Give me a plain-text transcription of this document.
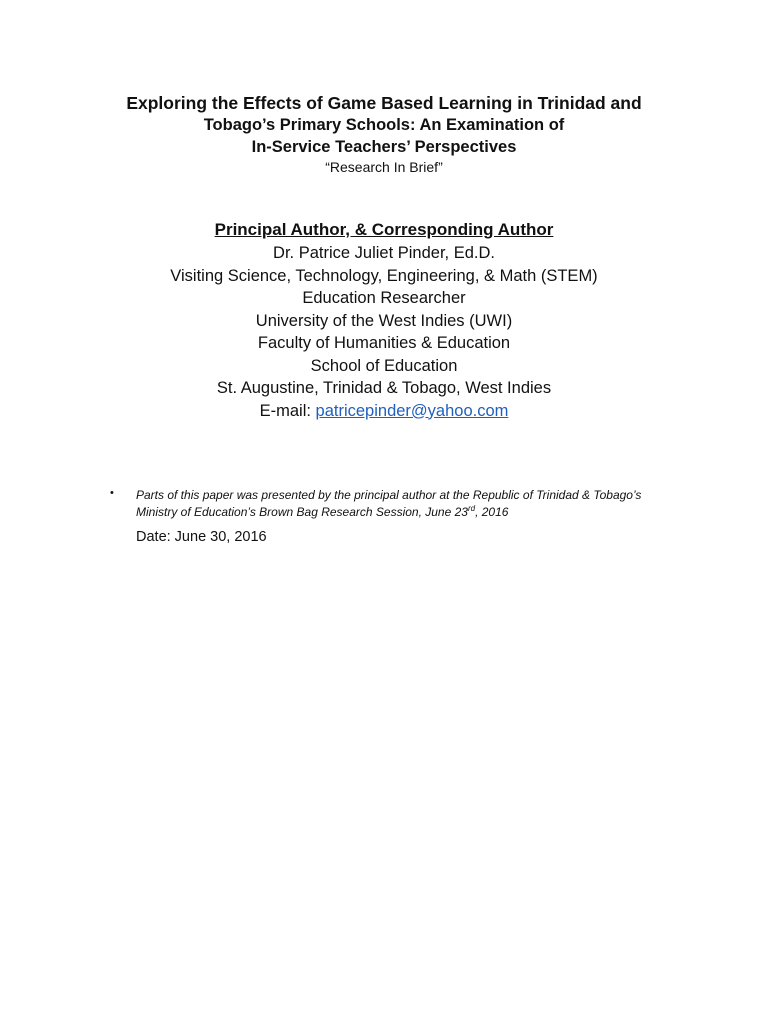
Exploring the Effects of Game Based Learning in Trinidad and
Tobago’s Primary Schools: An Examination of
In-Service Teachers’ Perspectives
“Research In Brief”
Principal Author, & Corresponding Author
Dr. Patrice Juliet Pinder, Ed.D.
Visiting Science, Technology, Engineering, & Math (STEM)
Education Researcher
University of the West Indies (UWI)
Faculty of Humanities & Education
School of Education
St. Augustine, Trinidad & Tobago, West Indies
E-mail: patricepinder@yahoo.com
• Parts of this paper was presented by the principal author at the Republic of Trinidad & Tobago’s Ministry of Education’s Brown Bag Research Session, June 23rd, 2016
Date: June 30, 2016
